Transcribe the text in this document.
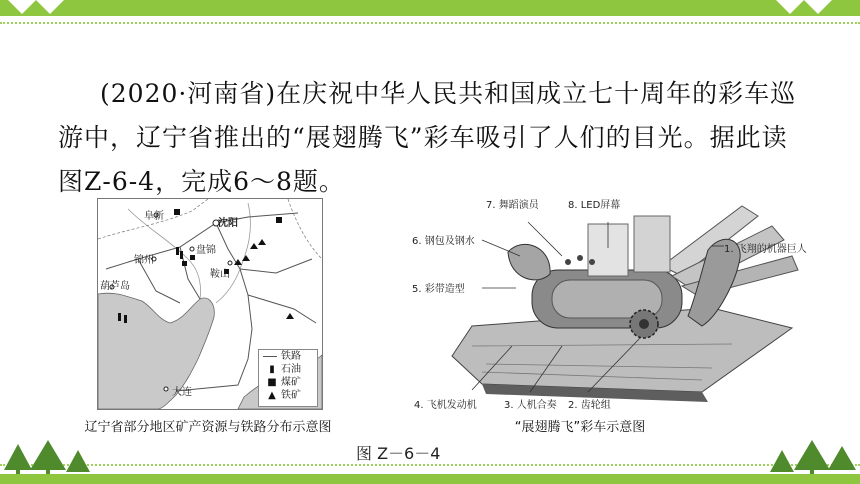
(2020·河南省)在庆祝中华人民共和国成立七十周年的彩车巡游中，辽宁省推出的“展翅腾飞”彩车吸引了人们的目光。据此读图Z-6-4，完成6～8题。
阜新
沈阳
盘锦
锦州
鞍山
葫芦岛
大连
铁路
▮ 石油
■ 煤矿
▲ 铁矿
辽宁省部分地区矿产资源与铁路分布示意图
7. 舞蹈演员	8. LED屏幕
6. 钢包及钢水
5. 彩带造型
1. 飞翔的机器巨人
4. 飞机发动机	3. 人机合奏 2. 齿轮组
“展翅腾飞”彩车示意图
图 Z－6－4
